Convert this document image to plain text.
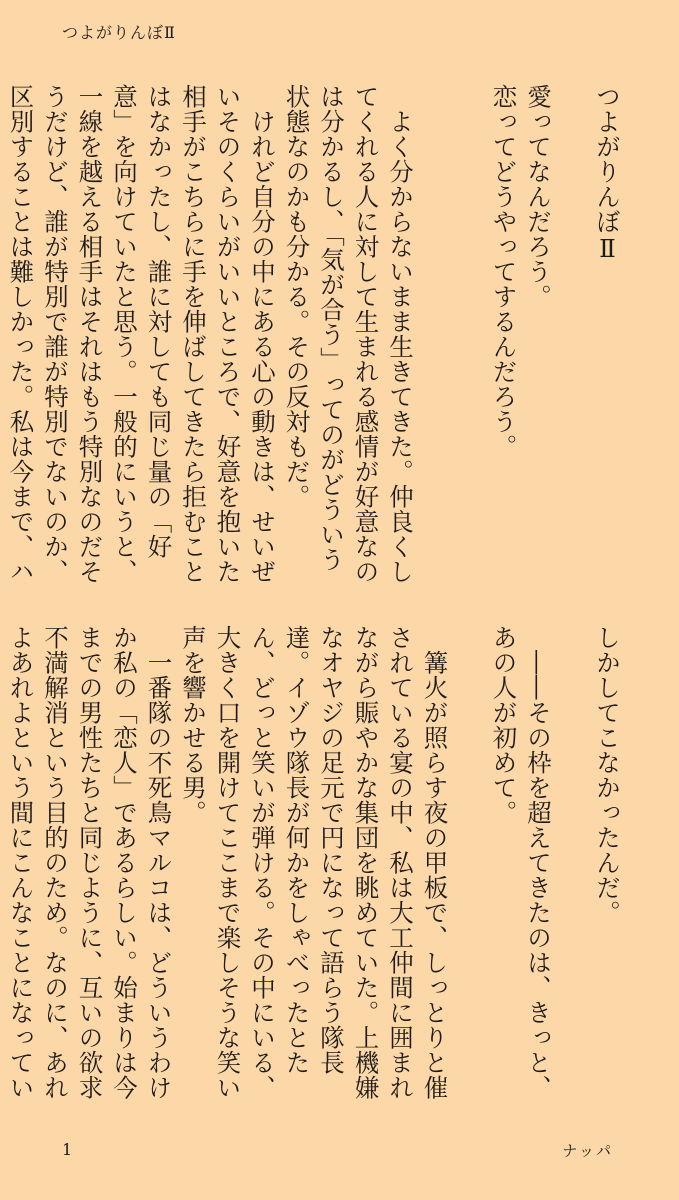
つよがりんぼⅡ

つよがりんぼⅡ

愛ってなんだろう。

恋ってどうやってするんだろう。

よく分からないまま生きてきた。仲良くしてくれる人に対して生まれる感情が好意なのは分かるし、「気が合う」ってのがどういう状態なのかも分かる。その反対もだ。

けれど自分の中にある心の動きは、せいぜいそのくらいがいいところで、好意を抱いた相手がこちらに手を伸ばしてきたら拒むことはなかったし、誰に対しても同じ量の「好意」を向けていたと思う。一般的にいうと、一線を越える相手はそれはもう特別なのだそうだけど、誰が特別で誰が特別でないのか、区別することは難しかった。私は今まで、ハ

しかしてこなかったんだ。

――その枠を超えてきたのは、きっと、あの人が初めて。

篝火が照らす夜の甲板で、しっとりと催されている宴の中、私は大工仲間に囲まれながら賑やかな集団を眺めていた。上機嫌なオヤジの足元で円になって語らう隊長達。イゾウ隊長が何かをしゃべったとたん、どっと笑いが弾ける。その中にいる、大きく口を開けてここまで楽しそうな笑い声を響かせる男。

一番隊の不死鳥マルコは、どういうわけか私の「恋人」であるらしい。始まりは今までの男性たちと同じように、互いの欲求不満解消という目的のため。なのに、あれよあれよという間にこんなことになってい

1	ナッパ
